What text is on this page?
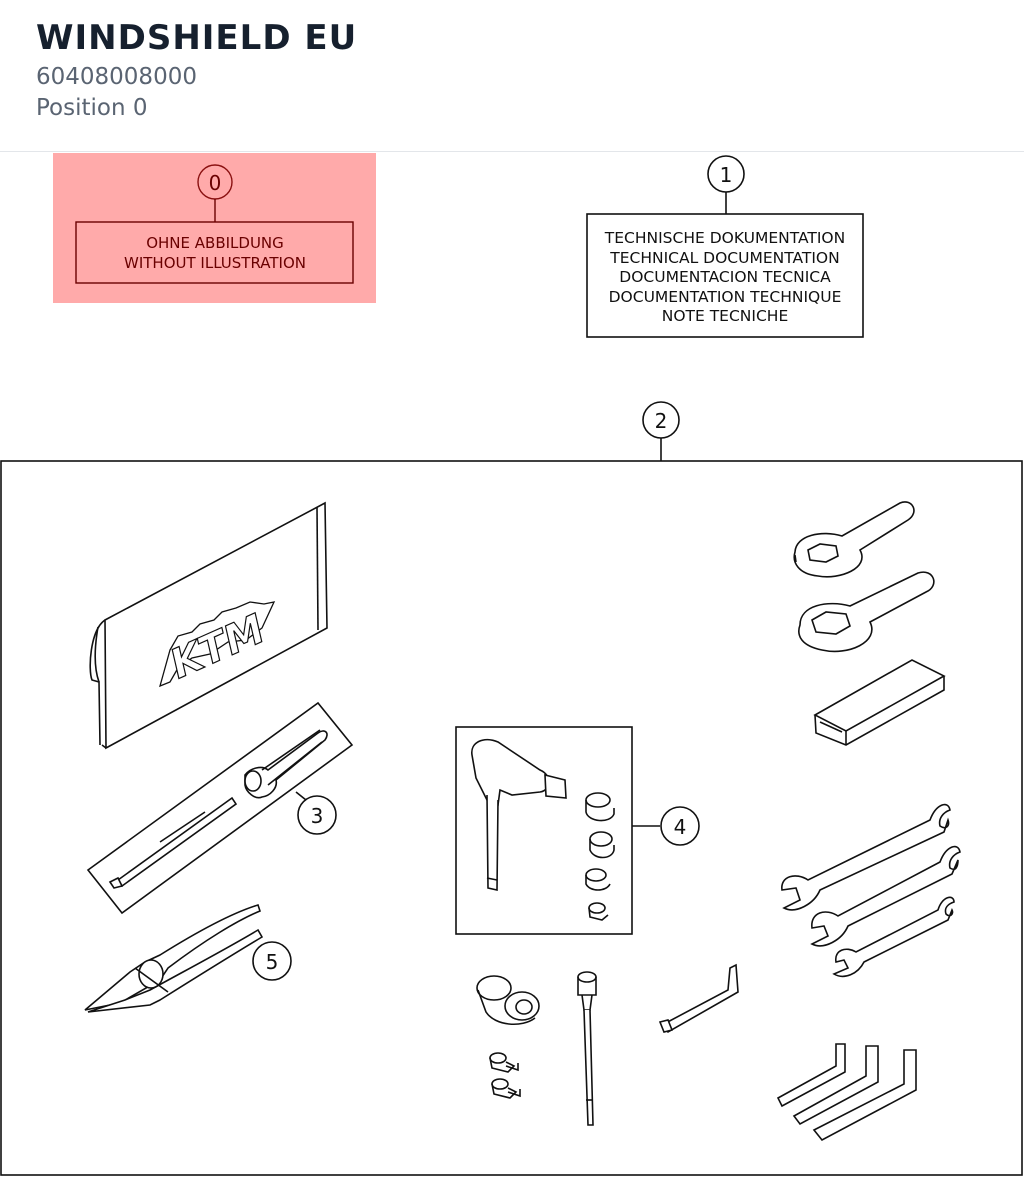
WINDSHIELD EU
60408008000
Position 0
0
OHNE ABBILDUNG
WITHOUT ILLUSTRATION
1
TECHNISCHE DOKUMENTATION
TECHNICAL DOCUMENTATION
DOCUMENTACION TECNICA
DOCUMENTATION TECHNIQUE
NOTE TECNICHE
2
KTM
3
5
4
